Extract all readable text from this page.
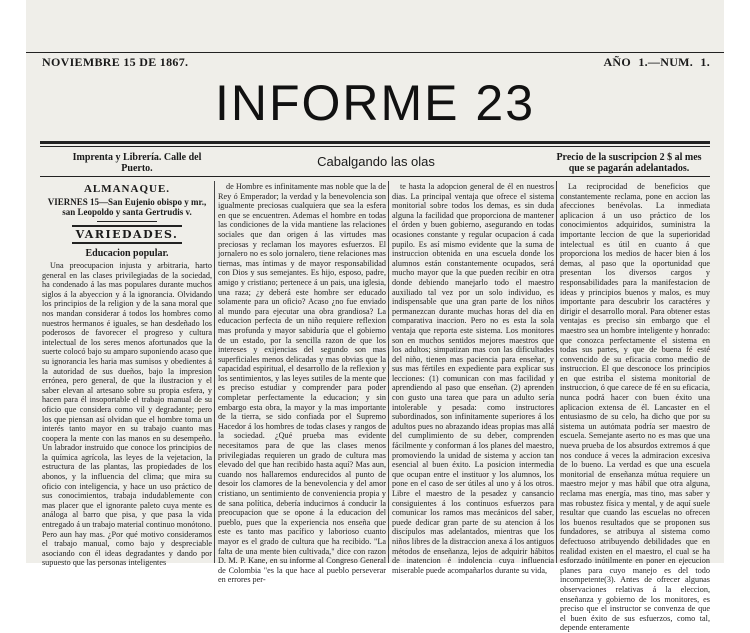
NOVIEMBRE 15 DE 1867.	AÑO 1.—NUM. 1.
INFORME 23
Imprenta y Librería. Calle del Puerto.	Cabalgando las olas	Precio de la suscripcion 2 $ al mes que se pagarán adelantados.
ALMANAQUE.
VIERNES 15—San Eujenio obispo y mr., san Leopoldo y santa Gertrudis v.
VARIEDADES.
Educacion popular.

Una preocupacion injusta y arbitraria, harto general en las clases privilegiadas de la sociedad, ha condenado á las mas populares durante muchos siglos á la abyeccion y á la ignorancia. Olvidando los principios de la religion y de la sana moral que nos mandan considerar á todos los hombres como nuestros hermanos é iguales, se han desdeñado los poderosos de favorecer el progreso y cultura intelectual de los seres menos afortunados que la suerte colocó bajo su amparo suponiendo acaso que su ignorancia les haria mas sumisos y obedientes á la autoridad de sus dueños, bajo la impresion errónea, pero general, de que la ilustracion y el saber elevan al artesano sobre su propia esfera, y hacen para él insoportable el trabajo manual de su oficio que considera como vil y degradante; pero los que piensan así olvidan que el hombre toma un interés tanto mayor en su trabajo cuanto mas coopera la mente con las manos en su desempeño. Un labrador instruido que conoce los principios de la química agrícola, las leyes de la vejetacion, la estructura de las plantas, las propiedades de los abonos, y la influencia del clima; que mira su oficio con inteligencia, y hace un uso práctico de sus conocimientos, trabaja indudablemente con mas placer que el ignorante paleto cuya mente es análoga al barro que pisa, y que pasa la vida entregado á un trabajo material continuo monótono. Pero aun hay mas. ¿Por qué motivo consideramos el trabajo manual, como bajo y despreciable asociando con él ideas degradantes y dando por supuesto que las personas inteligentes

de Hombre es infinitamente mas noble que la de Rey ó Emperador; la verdad y la benevolencia son igualmente preciosas cualquiera que sea la esfera en que se encuentren. Ademas el hombre en todas las condiciones de la vida mantiene las relaciones sociales que dan origen á las virtudes mas preciosas y reclaman los mayores esfuerzos. El jornalero no es solo jornalero, tiene relaciones mas tiernas, mas íntimas y de mayor responsabilidad con Dios y sus semejantes. Es hijo, esposo, padre, amigo y cristiano; pertenece á un pais, una iglesia, una raza; ¿y deberá este hombre ser educado solamente para un oficio? Acaso ¿no fue enviado al mundo para ejecutar una obra grandiosa? La educacion perfecta de un niño requiere reflexion mas profunda y mayor sabiduría que el gobierno de un estado, por la sencilla razon de que los intereses y exijencias del segundo son mas superficiales menos delicadas y mas obvias que la capacidad espiritual, el desarrollo de la reflexion y los sentimientos, y las leyes sutiles de la mente que es preciso estudiar y comprender para poder completar perfectamente la educacion; y sin embargo esta obra, la mayor y la mas importante de la tierra, se sido confiada por el Supremo Hacedor á los hombres de todas clases y rangos de la sociedad. ¿Qué prueba mas evidente necesitamos para de que las clases menos privilegiadas requieren un grado de cultura mas elevado del que han recibido hasta aquí? Mas aun, cuando nos hallaremos endurecidos al punto de desoir los clamores de la benevolencia y del amor cristiano, un sentimiento de conveniencia propia y de sana política, debería inducirnos á conducir la preocupacion que se opone á la educacion del pueblo, pues que la experiencia nos enseña que este es tanto mas pacífico y laborioso cuanto mayor es el grado de cultura que ha recibido. "La falta de una mente bien cultivada," dice con razon D. M. P. Kane, en su informe al Congreso General de Colombia "es la que hace al pueblo perseverar en errores per-

te hasta la adopcion general de él en nuestros dias. La principal ventaja que ofrece el sistema monitorial sobre todos los demas, es sin duda alguna la facilidad que proporciona de mantener el órden y buen gobierno, asegurando en todas ocasiones constante y regular ocupacion á cada pupilo. Es así mismo evidente que la suma de instruccion obtenida en una escuela donde los alumnos están constantemente ocupados, será mucho mayor que la que pueden recibir en otra donde debiendo manejarlo todo el maestro auxiliado tal vez por un solo individuo, es indispensable que una gran parte de los niños permanezcan durante muchas horas del dia en comparativa inaccion. Pero no es esta la sola ventaja que reporta este sistema. Los monitores son en muchos sentidos mejores maestros que los adultos; simpatizan mas con las dificultades del niño, tienen mas paciencia para enseñar, y sus mas fértiles en expediente para explicar sus lecciones: (1) comunican con mas facilidad y aprendiendo al paso que enseñan. (2) aprenden con gusto una tarea que para un adulto sería intolerable y pesada: como instructores subordinados, son infinitamente superiores á los adultos pues no abrazando ideas propias mas allá del cumplimiento de su deber, comprenden fácilmente y conforman á los planes del maestro, promoviendo la unidad de sistema y accion tan esencial al buen éxito. La posicion intermedia que ocupan entre el instituor y los alumnos, los pone en el caso de ser útiles al uno y á los otros. Libre el maestro de la pesadez y cansancio consiguientes á los continuos esfuerzos para comunicar los ramos mas mecánicos del saber, puede dedicar gran parte de su atencion á los discípulos mas adelantados, mientras que los niños libres de la distraccion anexa á los antiguos métodos de enseñanza, lejos de adquirir hábitos de inatencion é indolencia cuya influencia miserable puede acompañarlos durante su vida,

La reciprocidad de beneficios que constantemente reclama, pone en accion las afecciones benévolas. La inmediata aplicacion á un uso práctico de los conocimientos adquiridos, suministra la importante leccion de que la superioridad intelectual es útil en cuanto á que proporciona los medios de hacer bien á los demas, al paso que la oportunidad que presentan los diversos cargos y responsabilidades para la manifestacion de ideas y principios buenos y malos, es muy importante para descubrir los caractéres y dirigir el desarrollo moral. Para obtener estas ventajas es preciso sin embargo que el maestro sea un hombre inteligente y honrado: que conozca perfectamente el sistema en todas sus partes, y que de buena fé esté convencido de su eficacia como medio de instruccion. El que desconoce los principios en que estriba el sistema monitorial de instruccion, ó que carece de fé en su eficacia, nunca podrá hacer con buen éxito una aplicacion extensa de él. Lancaster en el entusiasmo de su celo, ha dicho que por su sistema un autómata podría ser maestro de escuela. Semejante aserto no es mas que una nueva prueba de los absurdos extremos á que nos conduce á veces la admiracion excesiva de lo bueno. La verdad es que una escuela monitorial de enseñanza mútua requiere un maestro mejor y mas hábil que otra alguna, reclama mas energía, mas tino, mas saber y mas robustez física y mental, y de aquí suele resultar que cuando las escuelas no ofrecen los buenos resultados que se proponen sus fundadores, se atribuya al sistema como defectuoso atribuyendo debilidades que en realidad existen en el maestro, el cual se ha esforzado inútilmente en poner en ejecucion planes para cuyo manejo es del todo incompetente(3). Antes de ofrecer algunas observaciones relativas á la eleccion, enseñanza y gobierno de los monitores, es preciso que el instructor se convenza de que el buen éxito de sus esfuerzos, como tal, depende enteramente
